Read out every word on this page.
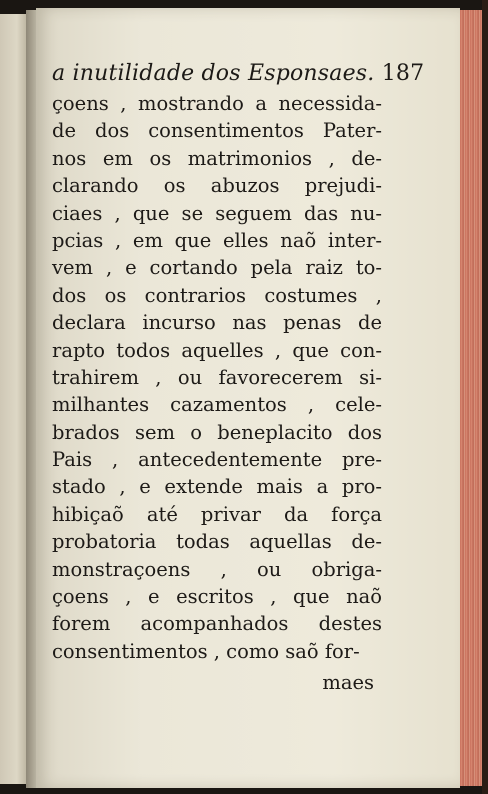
a inutilidade dos Esponsaes. 187
çoens , mostrando a necessida-
de dos consentimentos Pater-
nos em os matrimonios , de-
clarando os abuzos prejudi-
ciaes , que se seguem das nu-
pcias , em que elles naõ inter-
vem , e cortando pela raiz to-
dos os contrarios costumes ,
declara incurso nas penas de
rapto todos aquelles , que con-
trahirem , ou favorecerem si-
milhantes cazamentos , cele-
brados sem o beneplacito dos
Pais , antecedentemente pre-
stado , e extende mais a pro-
hibiçaõ até privar da força
probatoria todas aquellas de-
monstraçoens , ou obriga-
çoens , e escritos , que naõ
forem acompanhados destes
consentimentos , como saõ for-
maes
